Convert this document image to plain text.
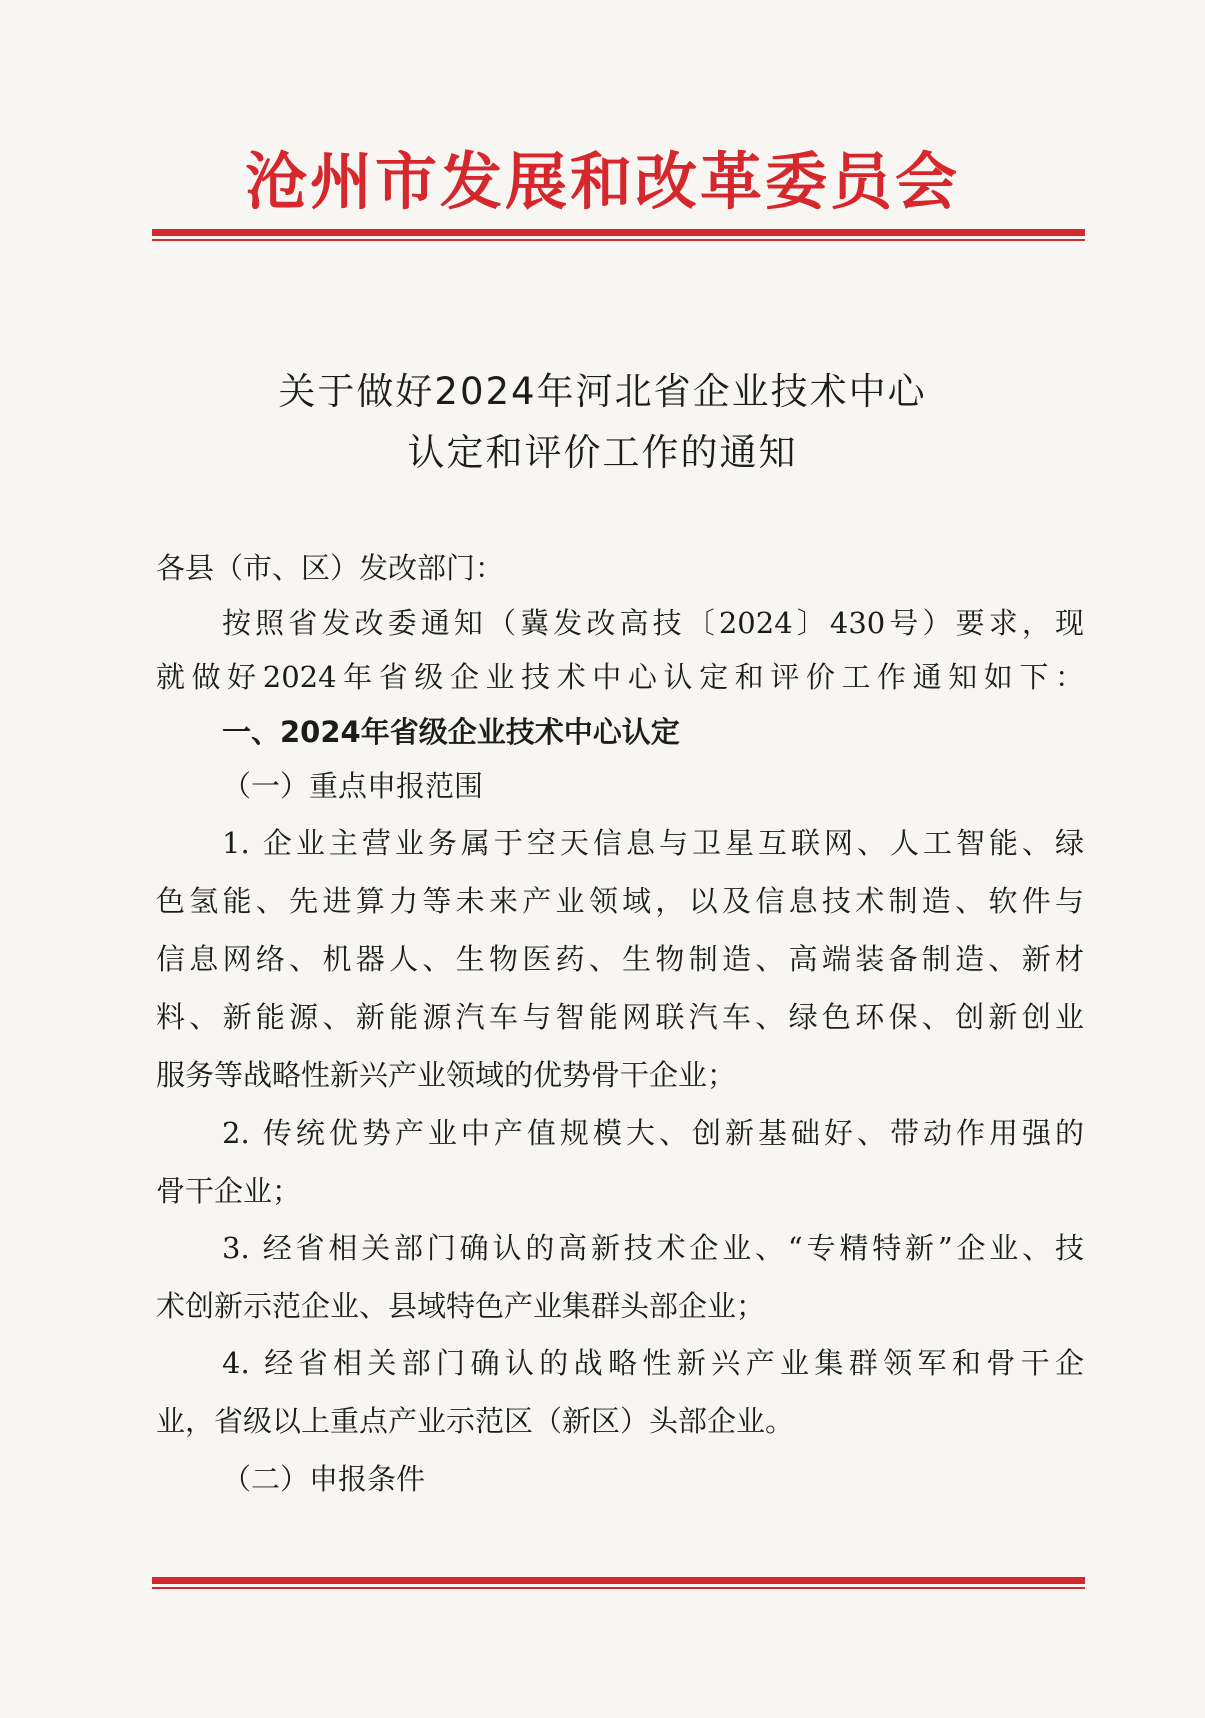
沧州市发展和改革委员会
关于做好2024年河北省企业技术中心
认定和评价工作的通知
各县（市、区）发改部门：
按照省发改委通知（冀发改高技〔2024〕430号）要求，现
就做好2024年省级企业技术中心认定和评价工作通知如下：
一、2024年省级企业技术中心认定
（一）重点申报范围
1. 企业主营业务属于空天信息与卫星互联网、人工智能、绿
色氢能、先进算力等未来产业领域，以及信息技术制造、软件与
信息网络、机器人、生物医药、生物制造、高端装备制造、新材
料、新能源、新能源汽车与智能网联汽车、绿色环保、创新创业
服务等战略性新兴产业领域的优势骨干企业；
2. 传统优势产业中产值规模大、创新基础好、带动作用强的
骨干企业；
3. 经省相关部门确认的高新技术企业、“专精特新”企业、技
术创新示范企业、县域特色产业集群头部企业；
4. 经省相关部门确认的战略性新兴产业集群领军和骨干企
业，省级以上重点产业示范区（新区）头部企业。
（二）申报条件
